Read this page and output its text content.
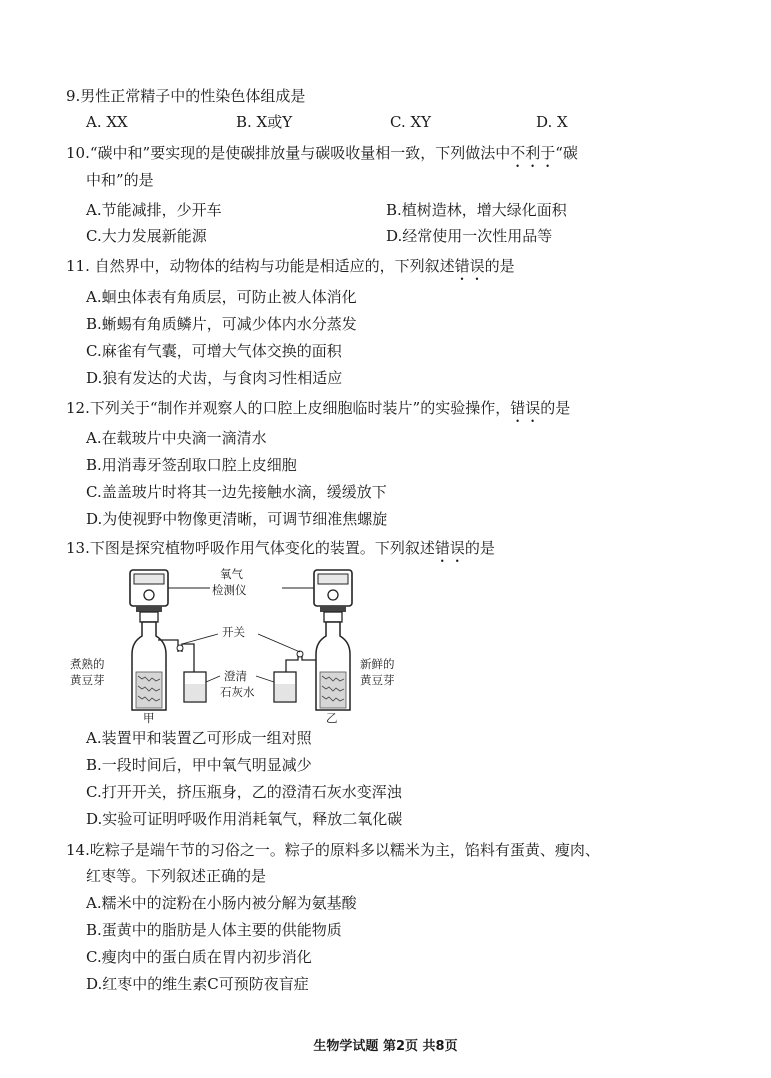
9.男性正常精子中的性染色体组成是
A. XX	B. X或Y	C. XY	D. X
10.“碳中和”要实现的是使碳排放量与碳吸收量相一致，下列做法中不利于“碳
中和”的是
A.节能减排，少开车	B.植树造林，增大绿化面积
C.大力发展新能源	D.经常使用一次性用品等
11. 自然界中，动物体的结构与功能是相适应的，下列叙述错误的是
A.蛔虫体表有角质层，可防止被人体消化
B.蜥蜴有角质鳞片，可减少体内水分蒸发
C.麻雀有气囊，可增大气体交换的面积
D.狼有发达的犬齿，与食肉习性相适应
12.下列关于“制作并观察人的口腔上皮细胞临时装片”的实验操作，错误的是
A.在载玻片中央滴一滴清水
B.用消毒牙签刮取口腔上皮细胞
C.盖盖玻片时将其一边先接触水滴，缓缓放下
D.为使视野中物像更清晰，可调节细准焦螺旋
13.下图是探究植物呼吸作用气体变化的装置。下列叙述错误的是
氧气
检测仪
开关
煮熟的
黄豆芽	澄清
石灰水
新鲜的
黄豆芽
甲	乙
A.装置甲和装置乙可形成一组对照
B.一段时间后，甲中氧气明显减少
C.打开开关，挤压瓶身，乙的澄清石灰水变浑浊
D.实验可证明呼吸作用消耗氧气，释放二氧化碳
14.吃粽子是端午节的习俗之一。粽子的原料多以糯米为主，馅料有蛋黄、瘦肉、
红枣等。下列叙述正确的是
A.糯米中的淀粉在小肠内被分解为氨基酸
B.蛋黄中的脂肪是人体主要的供能物质
C.瘦肉中的蛋白质在胃内初步消化
D.红枣中的维生素C可预防夜盲症
生物学试题 第2页 共8页
